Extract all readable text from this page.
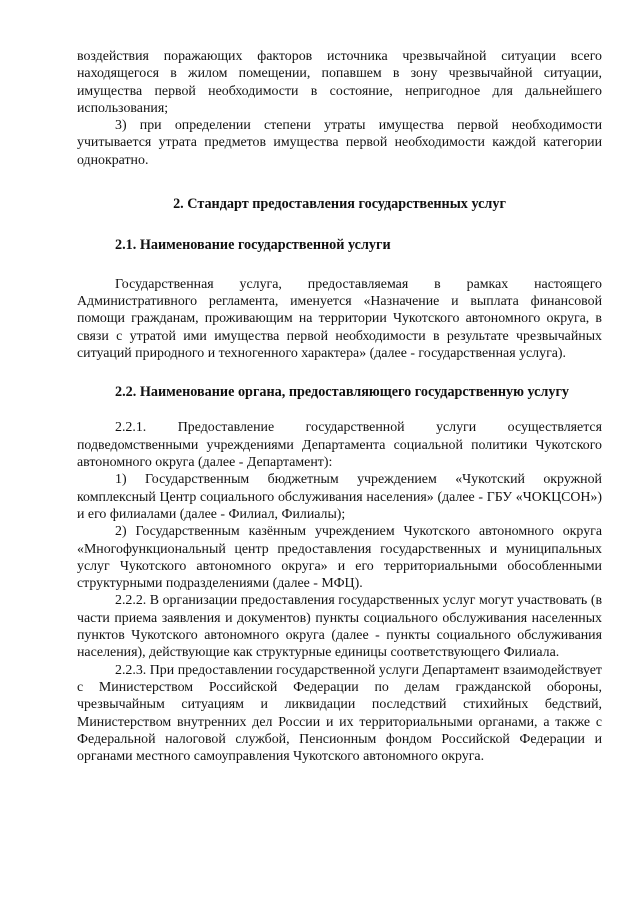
воздействия поражающих факторов источника чрезвычайной ситуации всего находящегося в жилом помещении, попавшем в зону чрезвычайной ситуации, имущества первой необходимости в состояние, непригодное для дальнейшего использования;

3) при определении степени утраты имущества первой необходимости учитывается утрата предметов имущества первой необходимости каждой категории однократно.

2. Стандарт предоставления государственных услуг
2.1. Наименование государственной услуги

Государственная услуга, предоставляемая в рамках настоящего Административного регламента, именуется «Назначение и выплата финансовой помощи гражданам, проживающим на территории Чукотского автономного округа, в связи с утратой ими имущества первой необходимости в результате чрезвычайных ситуаций природного и техногенного характера» (далее - государственная услуга).

2.2. Наименование органа, предоставляющего государственную услугу

2.2.1. Предоставление государственной услуги осуществляется подведомственными учреждениями Департамента социальной политики Чукотского автономного округа (далее - Департамент):

1) Государственным бюджетным учреждением «Чукотский окружной комплексный Центр социального обслуживания населения» (далее - ГБУ «ЧОКЦСОН») и его филиалами (далее - Филиал, Филиалы);

2) Государственным казённым учреждением Чукотского автономного округа «Многофункциональный центр предоставления государственных и муниципальных услуг Чукотского автономного округа» и его территориальными обособленными структурными подразделениями (далее - МФЦ).

2.2.2. В организации предоставления государственных услуг могут участвовать (в части приема заявления и документов) пункты социального обслуживания населенных пунктов Чукотского автономного округа (далее - пункты социального обслуживания населения), действующие как структурные единицы соответствующего Филиала.

2.2.3. При предоставлении государственной услуги Департамент взаимодействует с Министерством Российской Федерации по делам гражданской обороны, чрезвычайным ситуациям и ликвидации последствий стихийных бедствий, Министерством внутренних дел России и их территориальными органами, а также с Федеральной налоговой службой, Пенсионным фондом Российской Федерации и органами местного самоуправления Чукотского автономного округа.
